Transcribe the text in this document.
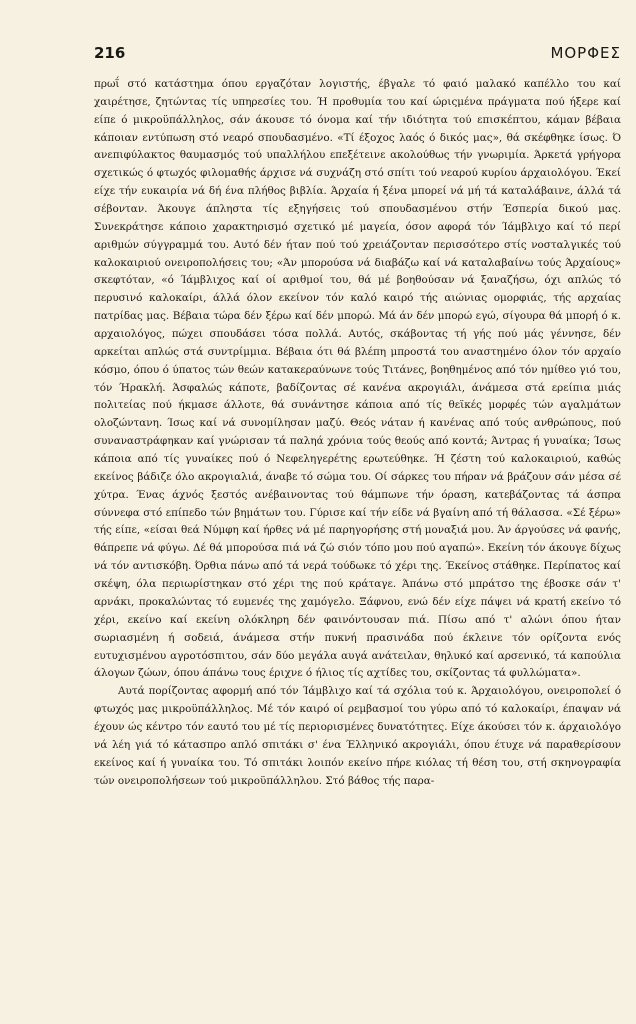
216	ΜΟΡΦΕΣ

πρωΐ στό κατάστημα όπου εργαζόταν λογιστής, έβγαλε τό φαιό μαλακό καπέλλο του καί χαιρέτησε, ζητώντας τίς υπηρεσίες του. Ή προθυμία του καί ώριςμένα πράγματα πού ήξερε καί είπε ό μικροϋπάλληλος, σάν άκουσε τό όνομα καί τήν ιδιότητα τού επισκέπτου, κάμαν βέβαια κάποιαν εντύπωση στό νεαρό σπουδασμένο. «Τί έξοχος λαός ό δικός μας», θά σκέφθηκε ίσως. Ό ανεπιφύλακτος θαυμασμός τού υπαλλήλου επεξέτεινε ακολούθως τήν γνωριμία. Άρκετά γρήγορα σχετικώς ό φτωχός φιλομαθής άρχισε νά συχνάζη στό σπίτι τού νεαρού κυρίου άρχαιολόγου. Έκεί είχε τήν ευκαιρία νά δή ένα πλήθος βιβλία. Άρχαία ή ξένα μπορεί νά μή τά καταλάβαινε, άλλά τά σέβονταν. Άκουγε άπληστα τίς εξηγήσεις τού σπουδασμένου στήν Έσπερία δικού μας. Συνεκράτησε κάποιο χαρακτηρισμό σχετικό μέ μαγεία, όσον αφορά τόν Ίάμβλιχο καί τό περί αριθμών σύγγραμμά του. Αυτό δέν ήταν πού τού χρειάζονταν περισσότερο στίς νοσταλγικές τού καλοκαιριού ονειροπολήσεις του; «Άν μπορούσα νά διαβάζω καί νά καταλαβαίνω τούς Άρχαίους» σκεφτόταν, «ό Ίάμβλιχος καί οί αριθμοί του, θά μέ βοηθούσαν νά ξαναζήσω, όχι απλώς τό περυσινό καλοκαίρι, άλλά όλον εκείνον τόν καλό καιρό τής αιώνιας ομορφιάς, τής αρχαίας πατρίδας μας. Βέβαια τώρα δέν ξέρω καί δέν μπορώ. Μά άν δέν μπορώ εγώ, σίγουρα θά μπορή ό κ. αρχαιολόγος, πώχει σπουδάσει τόσα πολλά. Αυτός, σκάβοντας τή γής πού μάς γέννησε, δέν αρκείται απλώς στά συντρίμμια. Βέβαια ότι θά βλέπη μπροστά του αναστημένο όλον τόν αρχαίο κόσμο, όπου ό ύπατος τών θεών κατακεραύνωνε τούς Τιτάνες, βοηθημένος από τόν ημίθεο γιό του, τόν Ήρακλή. Άσφαλώς κάποτε, βαδίζοντας σέ κανένα ακρογιάλι, άνάμεσα στά ερείπια μιάς πολιτείας πού ήκμασε άλλοτε, θά συνάντησε κάποια από τίς θεϊκές μορφές τών αγαλμάτων ολοζώντανη. Ίσως καί νά συνομίλησαν μαζύ. Θεός νάταν ή κανένας από τούς ανθρώπους, πού συναναστράφηκαν καί γνώρισαν τά παληά χρόνια τούς θεούς από κοντά; Άντρας ή γυναίκα; Ίσως κάποια από τίς γυναίκες πού ό Νεφεληγερέτης ερωτεύθηκε. Ή ζέστη τού καλοκαιριού, καθώς εκείνος βάδιζε όλο ακρογιαλιά, άναβε τό σώμα του. Οί σάρκες του πήραν νά βράζουν σάν μέσα σέ χύτρα. Ένας άχνός ξεστός ανέβαινοντας τού θάμπωνε τήν όραση, κατεβάζοντας τά άσπρα σύννεφα στό επίπεδο τών βημάτων του. Γύρισε καί τήν είδε νά βγαίνη από τή θάλασσα. «Σέ ξέρω» τής είπε, «είσαι θεά Νύμφη καί ήρθες νά μέ παρηγορήσης στή μοναξιά μου. Άν άργούσες νά φανής, θάπρεπε νά φύγω. Δέ θά μπορούσα πιά νά ζώ σιόν τόπο μου πού αγαπώ». Εκείνη τόν άκουγε δίχως νά τόν αντισκόβη. Όρθια πάνω από τά νερά τούδωκε τό χέρι της. Έκείνος στάθηκε. Περίπατος καί σκέψη, όλα περιωρίστηκαν στό χέρι της πού κράταγε. Άπάνω στό μπράτσο της έβοσκε σάν τ' αρνάκι, προκαλώντας τό ευμενές της χαμόγελο. Ξάφνου, ενώ δέν είχε πάψει νά κρατή εκείνο τό χέρι, εκείνο καί εκείνη ολόκληρη δέν φαινόντουσαν πιά. Πίσω από τ' αλώνι όπου ήταν σωριασμένη ή σοδειά, άνάμεσα στήν πυκνή πρασινάδα πού έκλεινε τόν ορίζοντα ενός ευτυχισμένου αγροτόσπιτου, σάν δύο μεγάλα αυγά ανάτειλαν, θηλυκό καί αρσενικό, τά καπούλια άλογων ζώων, όπου άπάνω τους έριχνε ό ήλιος τίς αχτίδες του, σκίζοντας τά φυλλώματα».

Αυτά πορίζοντας αφορμή από τόν Ίάμβλιχο καί τά σχόλια τού κ. Άρχαιολόγου, ονειροπολεί ό φτωχός μας μικροϋπάλληλος. Μέ τόν καιρό οί ρεμβασμοί του γύρω από τό καλοκαίρι, έπαψαν νά έχουν ώς κέντρο τόν εαυτό του μέ τίς περιορισμένες δυνατότητες. Είχε άκούσει τόν κ. άρχαιολόγο νά λέη γιά τό κάτασπρο απλό σπιτάκι σ' ένα Έλληνικό ακρογιάλι, όπου έτυχε νά παραθερίσουν εκείνος καί ή γυναίκα του. Τό σπιτάκι λοιπόν εκείνο πήρε κιόλας τή θέση του, στή σκηνογραφία τών ονειροπολήσεων τού μικροϋπάλληλου. Στό βάθος τής παρα-
